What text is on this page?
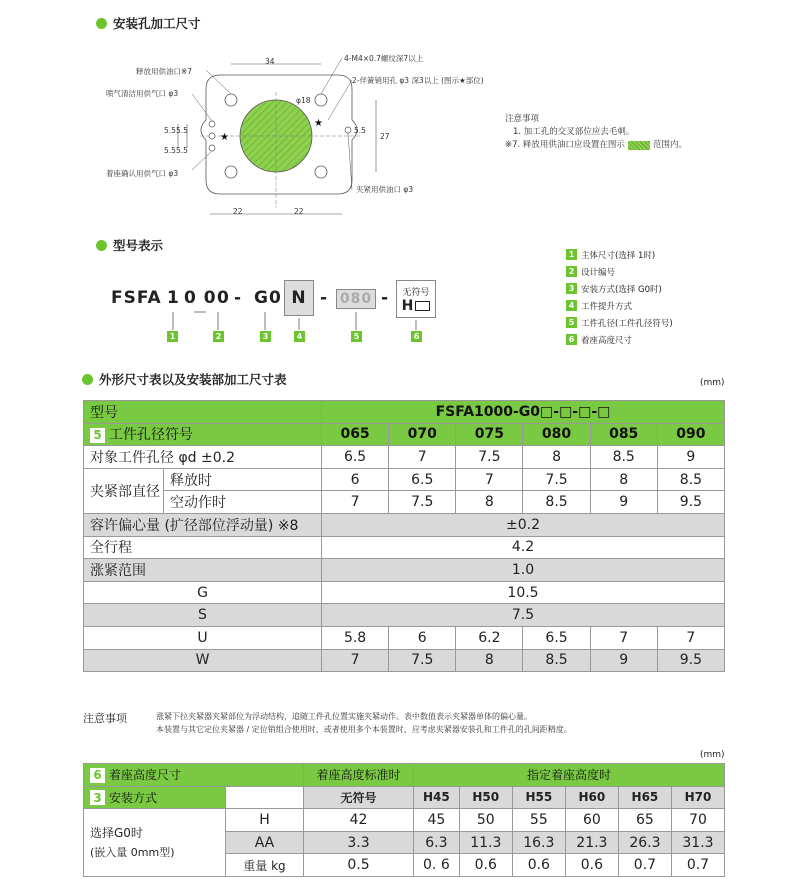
安装孔加工尺寸
★
★
34
22	22
27
5.5
5.5
5.5
5.5
5.5
φ18
释放用供油口※7
喷气清洁用供气口 φ3
着座确认用供气口 φ3
4-M4×0.7螺纹深7以上
2-伴簧销用孔 φ3 深3以上 (图示★部位)
夹紧用供油口 φ3
注意事项
1. 加工孔的交叉部位应去毛刺。
※7. 释放用供油口应设置在图示	范围内。
型号表示
FSFA 1 0 0 0 - G0 N - 080 - 无符号
H
1	2	3	4	5	6
1 主体尺寸(选择 1时)
2 设计编号
3 安装方式(选择 G0时)
4 工件提升方式
5 工件孔径(工件孔径符号)
6 着座高度尺寸
外形尺寸表以及安装部加工尺寸表	(mm)
型号		FSFA1000-G0□-□-□-□					
5 工件孔径符号		065	070	075	080	085	090
对象工件孔径 φd ±0.2		6.5	7	7.5	8	8.5	9
夹紧部直径	释放时	6	6.5	7	7.5	8	8.5
	空动作时	7	7.5	8	8.5	9	9.5
容许偏心量 (扩径部位浮动量) ※8		±0.2					
全行程		4.2					
涨紧范围		1.0					
G		10.5					
S		7.5					
U		5.8	6	6.2	6.5	7	7
W		7	7.5	8	8.5	9	9.5
注意事项	涨紧下拉夹紧器夹紧部位为浮动结构，追随工件孔位置实施夹紧动作。表中数值表示夹紧器单体的偏心量。
本装置与其它定位夹紧器 / 定位销组合使用时，或者使用多个本装置时，应考虑夹紧器安装孔和工件孔的孔间距精度。
(mm)
6 着座高度尺寸		着座高度标准时	指定着座高度时					
3 安装方式		无符号	H45	H50	H55	H60	H65	H70

选择G0时
(嵌入量 0mm型)	H	42	45	50	55	60	65	70
	AA	3.3	6.3	11.3	16.3	21.3	26.3	31.3
	重量 kg	0.5	0. 6	0.6	0.6	0.6	0.7	0.7
